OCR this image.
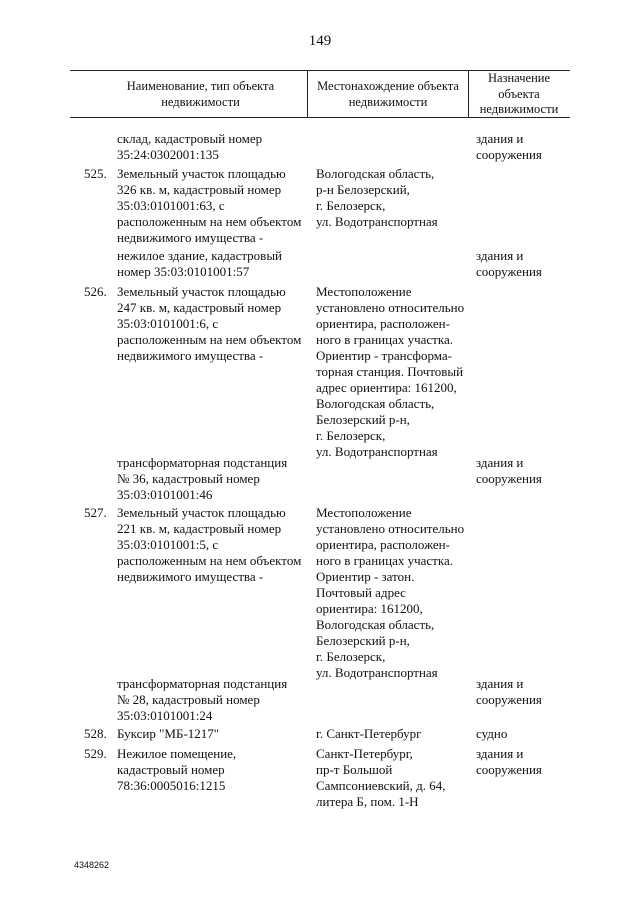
149
Наименование, тип объекта
недвижимости
Местонахождение объекта
недвижимости
Назначение
объекта
недвижимости
склад, кадастровый номер
35:24:0302001:135
здания и
сооружения
525. Земельный участок площадью
326 кв. м, кадастровый номер
35:03:0101001:63, с
расположенным на нем объектом
недвижимого имущества -
Вологодская область,
р-н Белозерский,
г. Белозерск,
ул. Водотранспортная
нежилое здание, кадастровый
номер 35:03:0101001:57
здания и
сооружения
526. Земельный участок площадью
247 кв. м, кадастровый номер
35:03:0101001:6, с
расположенным на нем объектом
недвижимого имущества -
Местоположение
установлено относительно
ориентира, расположен-
ного в границах участка.
Ориентир - трансформа-
торная станция. Почтовый
адрес ориентира: 161200,
Вологодская область,
Белозерский р-н,
г. Белозерск,
ул. Водотранспортная
трансформаторная подстанция
№ 36, кадастровый номер
35:03:0101001:46
здания и
сооружения
527. Земельный участок площадью
221 кв. м, кадастровый номер
35:03:0101001:5, с
расположенным на нем объектом
недвижимого имущества -
Местоположение
установлено относительно
ориентира, расположен-
ного в границах участка.
Ориентир - затон.
Почтовый адрес
ориентира: 161200,
Вологодская область,
Белозерский р-н,
г. Белозерск,
ул. Водотранспортная
трансформаторная подстанция
№ 28, кадастровый номер
35:03:0101001:24
здания и
сооружения
528. Буксир "МБ-1217"	г. Санкт-Петербург	судно
529. Нежилое помещение,
кадастровый номер
78:36:0005016:1215
Санкт-Петербург,
пр-т Большой
Сампсониевский, д. 64,
литера Б, пом. 1-Н
здания и
сооружения
4348262
